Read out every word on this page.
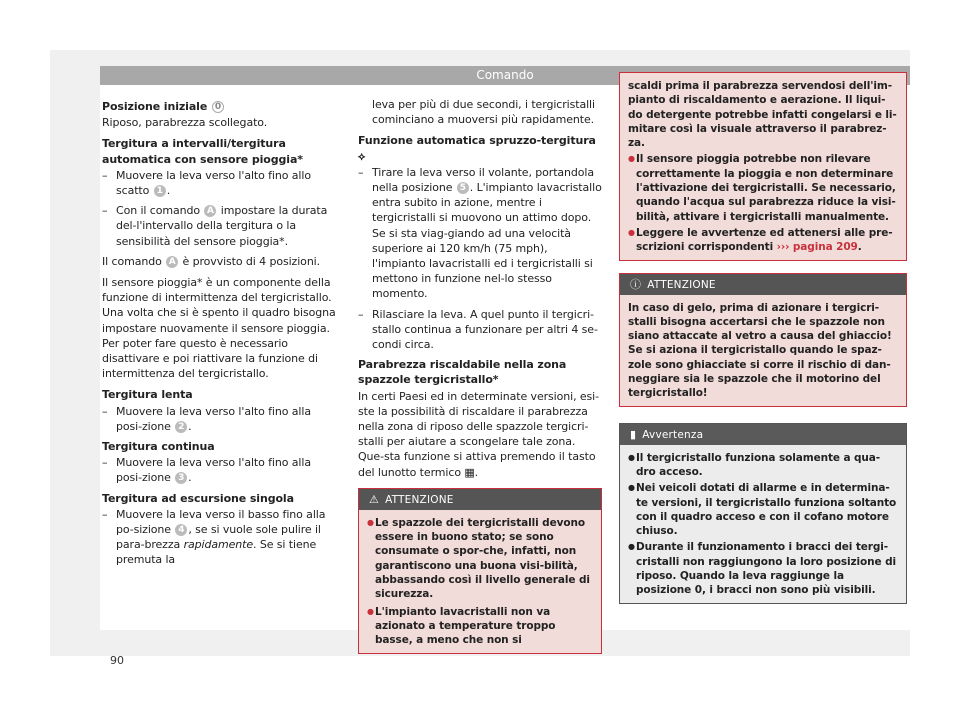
Comando

Posizione iniziale 0

Riposo, parabrezza scollegato.

Tergitura a intervalli/tergitura automatica con sensore pioggia*

– Muovere la leva verso l'alto fino allo scatto 1 .
– Con il comando A impostare la durata del-l'intervallo della tergitura o la sensibilità del sensore pioggia*.

Il comando A è provvisto di 4 posizioni.

Il sensore pioggia* è un componente della funzione di intermittenza del tergicristallo. Una volta che si è spento il quadro bisogna impostare nuovamente il sensore pioggia. Per poter fare questo è necessario disattivare e poi riattivare la funzione di intermittenza del tergicristallo.

Tergitura lenta

– Muovere la leva verso l'alto fino alla posi-zione 2 .

Tergitura continua

– Muovere la leva verso l'alto fino alla posi-zione 3 .

Tergitura ad escursione singola

– Muovere la leva verso il basso fino alla po-sizione 4 , se si vuole sole pulire il para-brezza rapidamente. Se si tiene premuta la

leva per più di due secondi, i tergicristalli cominciano a muoversi più rapidamente.

Funzione automatica spruzzo-tergitura ⟡

– Tirare la leva verso il volante, portandola nella posizione 5 . L'impianto lavacristallo entra subito in azione, mentre i tergicristalli si muovono un attimo dopo. Se si sta viag-giando ad una velocità superiore ai 120 km/h (75 mph), l'impianto lavacristalli ed i tergicristalli si mettono in funzione nel-lo stesso momento.
– Rilasciare la leva. A quel punto il tergicri-stallo continua a funzionare per altri 4 se-condi circa.

Parabrezza riscaldabile nella zona spazzole tergicristallo*

In certi Paesi ed in determinate versioni, esi-ste la possibilità di riscaldare il parabrezza nella zona di riposo delle spazzole tergicri-stalli per aiutare a scongelare tale zona. Que-sta funzione si attiva premendo il tasto del lunotto termico ▦.

⚠ ATTENZIONE
● Le spazzole dei tergicristalli devono essere in buono stato; se sono consumate o spor-che, infatti, non garantiscono una buona visi-bilità, abbassando così il livello generale di sicurezza.
● L'impianto lavacristalli non va azionato a temperature troppo basse, a meno che non si
scaldi prima il parabrezza servendosi dell'im-pianto di riscaldamento e aerazione. Il liqui-do detergente potrebbe infatti congelarsi e li-mitare così la visuale attraverso il parabrez-za.
● Il sensore pioggia potrebbe non rilevare correttamente la pioggia e non determinare l'attivazione dei tergicristalli. Se necessario, quando l'acqua sul parabrezza riduce la visi-bilità, attivare i tergicristalli manualmente.
● Leggere le avvertenze ed attenersi alle pre-scrizioni corrispondenti ››› pagina 209.
ⓘ ATTENZIONE
In caso di gelo, prima di azionare i tergicri-stalli bisogna accertarsi che le spazzole non siano attaccate al vetro a causa del ghiaccio! Se si aziona il tergicristallo quando le spaz-zole sono ghiacciate si corre il rischio di dan-neggiare sia le spazzole che il motorino del tergicristallo!
▮ Avvertenza
● Il tergicristallo funziona solamente a qua-dro acceso.
● Nei veicoli dotati di allarme e in determina-te versioni, il tergicristallo funziona soltanto con il quadro acceso e con il cofano motore chiuso.
● Durante il funzionamento i bracci dei tergi-cristalli non raggiungono la loro posizione di riposo. Quando la leva raggiunge la posizione 0, i bracci non sono più visibili.
90
